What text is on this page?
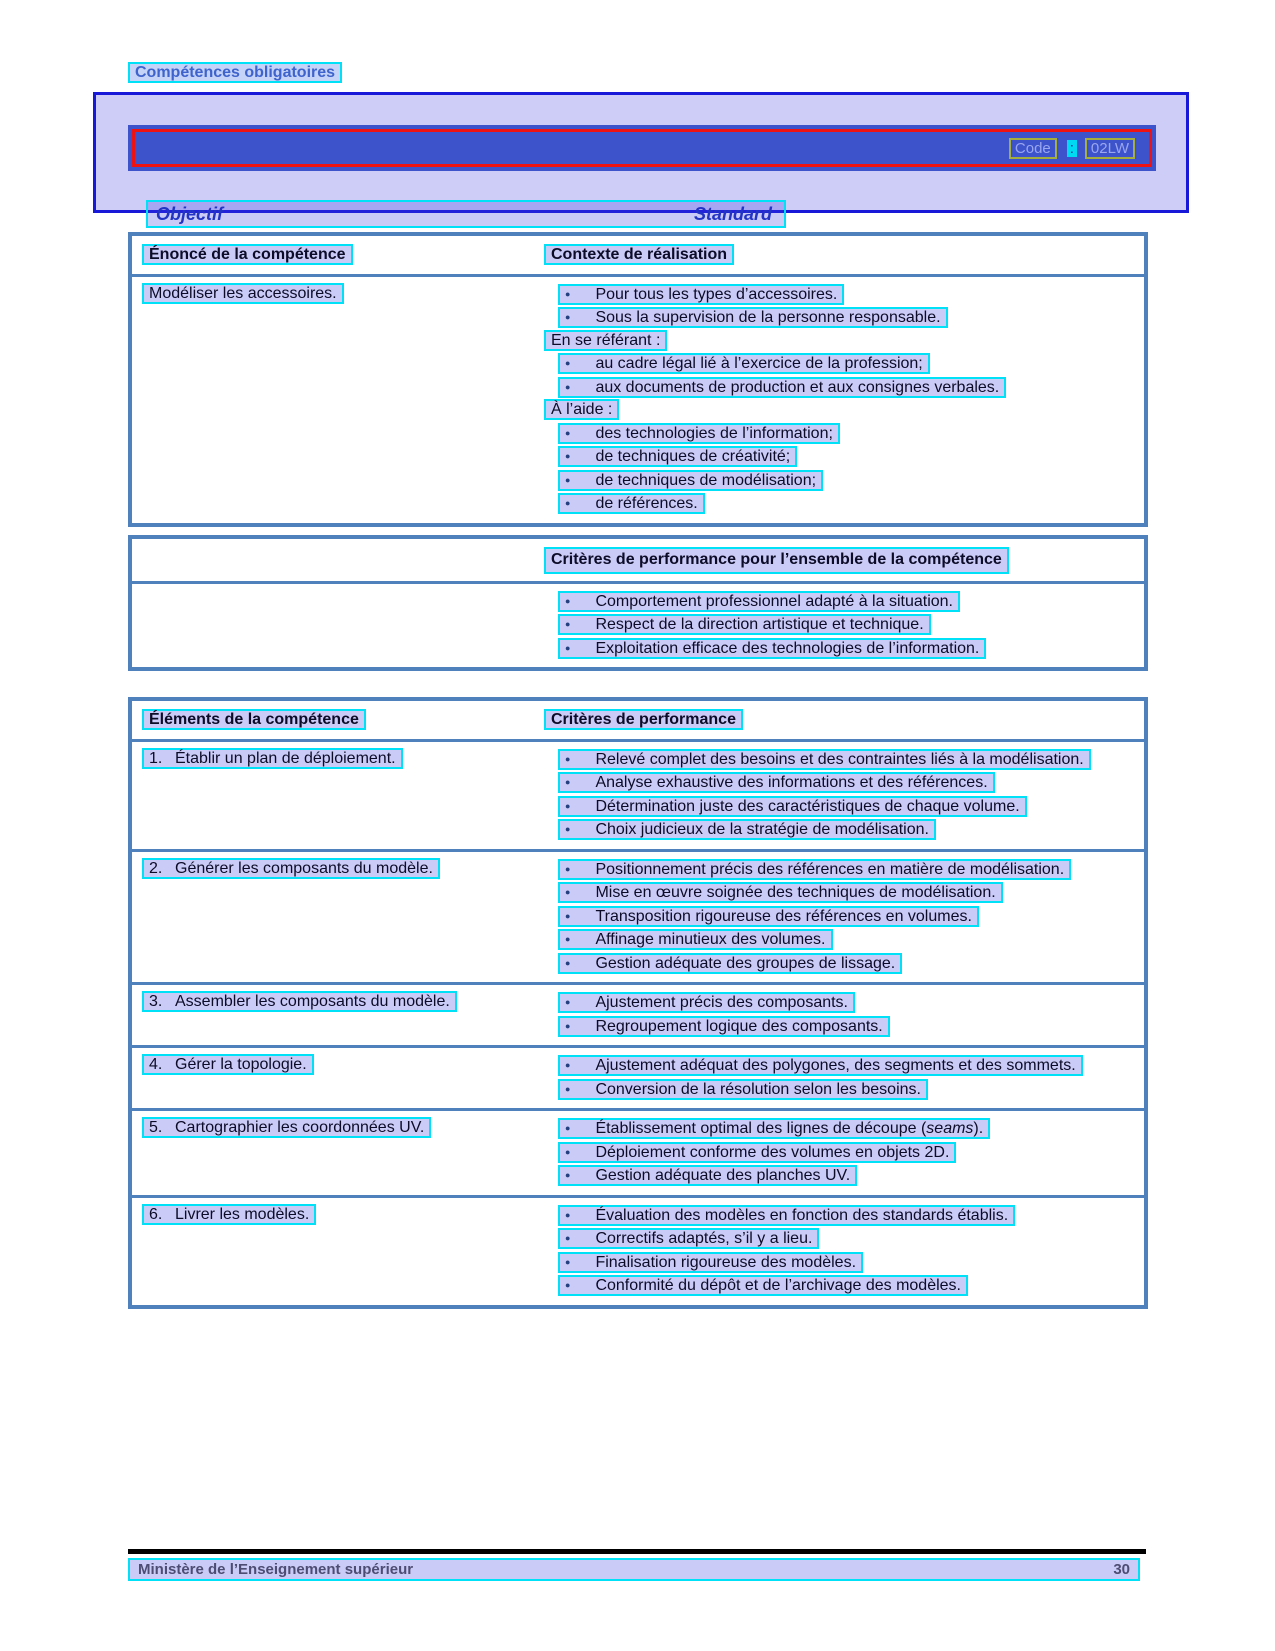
Compétences obligatoires
Code	:	02LW
Objectif	Standard
Énoncé de la compétence	Contexte de réalisation
Modéliser les accessoires.	● Pour tous les types d’accessoires.
● Sous la supervision de la personne responsable.
En se référant :
● au cadre légal lié à l’exercice de la profession;
● aux documents de production et aux consignes verbales.
À l’aide :
● des technologies de l’information;
● de techniques de créativité;
● de techniques de modélisation;
● de références.
Critères de performance pour l’ensemble de la compétence
● Comportement professionnel adapté à la situation.
● Respect de la direction artistique et technique.
● Exploitation efficace des technologies de l’information.
Éléments de la compétence	Critères de performance
1. Établir un plan de déploiement.	● Relevé complet des besoins et des contraintes liés à la modélisation.
● Analyse exhaustive des informations et des références.
● Détermination juste des caractéristiques de chaque volume.
● Choix judicieux de la stratégie de modélisation.
2. Générer les composants du modèle.	● Positionnement précis des références en matière de modélisation.
● Mise en œuvre soignée des techniques de modélisation.
● Transposition rigoureuse des références en volumes.
● Affinage minutieux des volumes.
● Gestion adéquate des groupes de lissage.
3. Assembler les composants du modèle.	● Ajustement précis des composants.
● Regroupement logique des composants.
4. Gérer la topologie.	● Ajustement adéquat des polygones, des segments et des sommets.
● Conversion de la résolution selon les besoins.
5. Cartographier les coordonnées UV.	● Établissement optimal des lignes de découpe (seams).
● Déploiement conforme des volumes en objets 2D.
● Gestion adéquate des planches UV.
6. Livrer les modèles.	● Évaluation des modèles en fonction des standards établis.
● Correctifs adaptés, s’il y a lieu.
● Finalisation rigoureuse des modèles.
● Conformité du dépôt et de l’archivage des modèles.
Ministère de l’Enseignement supérieur	30
